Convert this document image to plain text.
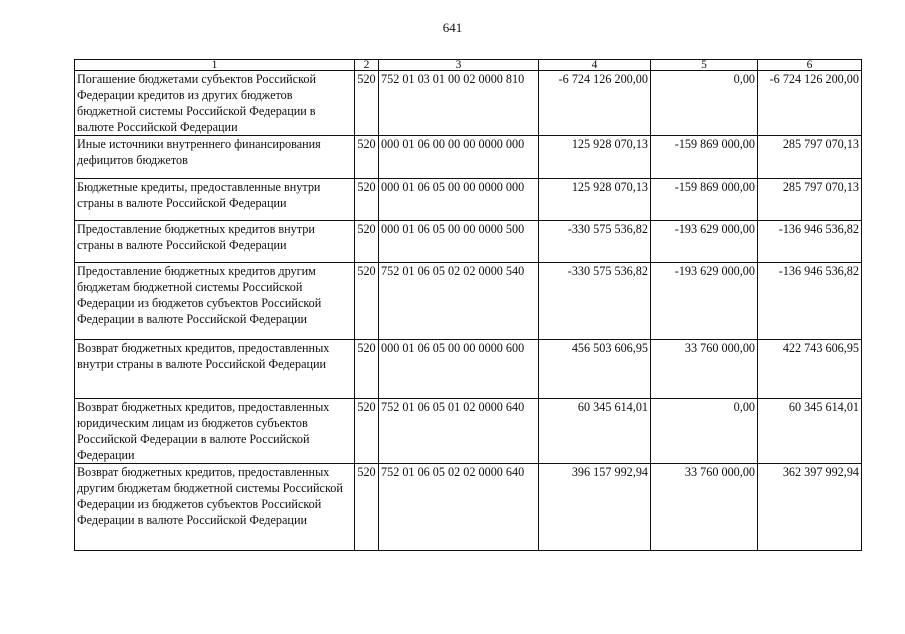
641
1	2	3	4	5	6
Погашение бюджетами субъектов Российской Федерации кредитов из других бюджетов бюджетной системы Российской Федерации в валюте Российской Федерации	520	752 01 03 01 00 02 0000 810	-6 724 126 200,00	0,00	-6 724 126 200,00
Иные источники внутреннего финансирования дефицитов бюджетов	520	000 01 06 00 00 00 0000 000	125 928 070,13	-159 869 000,00	285 797 070,13
Бюджетные кредиты, предоставленные внутри страны в валюте Российской Федерации	520	000 01 06 05 00 00 0000 000	125 928 070,13	-159 869 000,00	285 797 070,13
Предоставление бюджетных кредитов внутри страны в валюте Российской Федерации	520	000 01 06 05 00 00 0000 500	-330 575 536,82	-193 629 000,00	-136 946 536,82
Предоставление бюджетных кредитов другим бюджетам бюджетной системы Российской Федерации из бюджетов субъектов Российской Федерации в валюте Российской Федерации	520	752 01 06 05 02 02 0000 540	-330 575 536,82	-193 629 000,00	-136 946 536,82
Возврат бюджетных кредитов, предоставленных внутри страны в валюте Российской Федерации	520	000 01 06 05 00 00 0000 600	456 503 606,95	33 760 000,00	422 743 606,95
Возврат бюджетных кредитов, предоставленных юридическим лицам из бюджетов субъектов Российской Федерации в валюте Российской Федерации	520	752 01 06 05 01 02 0000 640	60 345 614,01	0,00	60 345 614,01
Возврат бюджетных кредитов, предоставленных другим бюджетам бюджетной системы Российской Федерации из бюджетов субъектов Российской Федерации в валюте Российской Федерации	520	752 01 06 05 02 02 0000 640	396 157 992,94	33 760 000,00	362 397 992,94
